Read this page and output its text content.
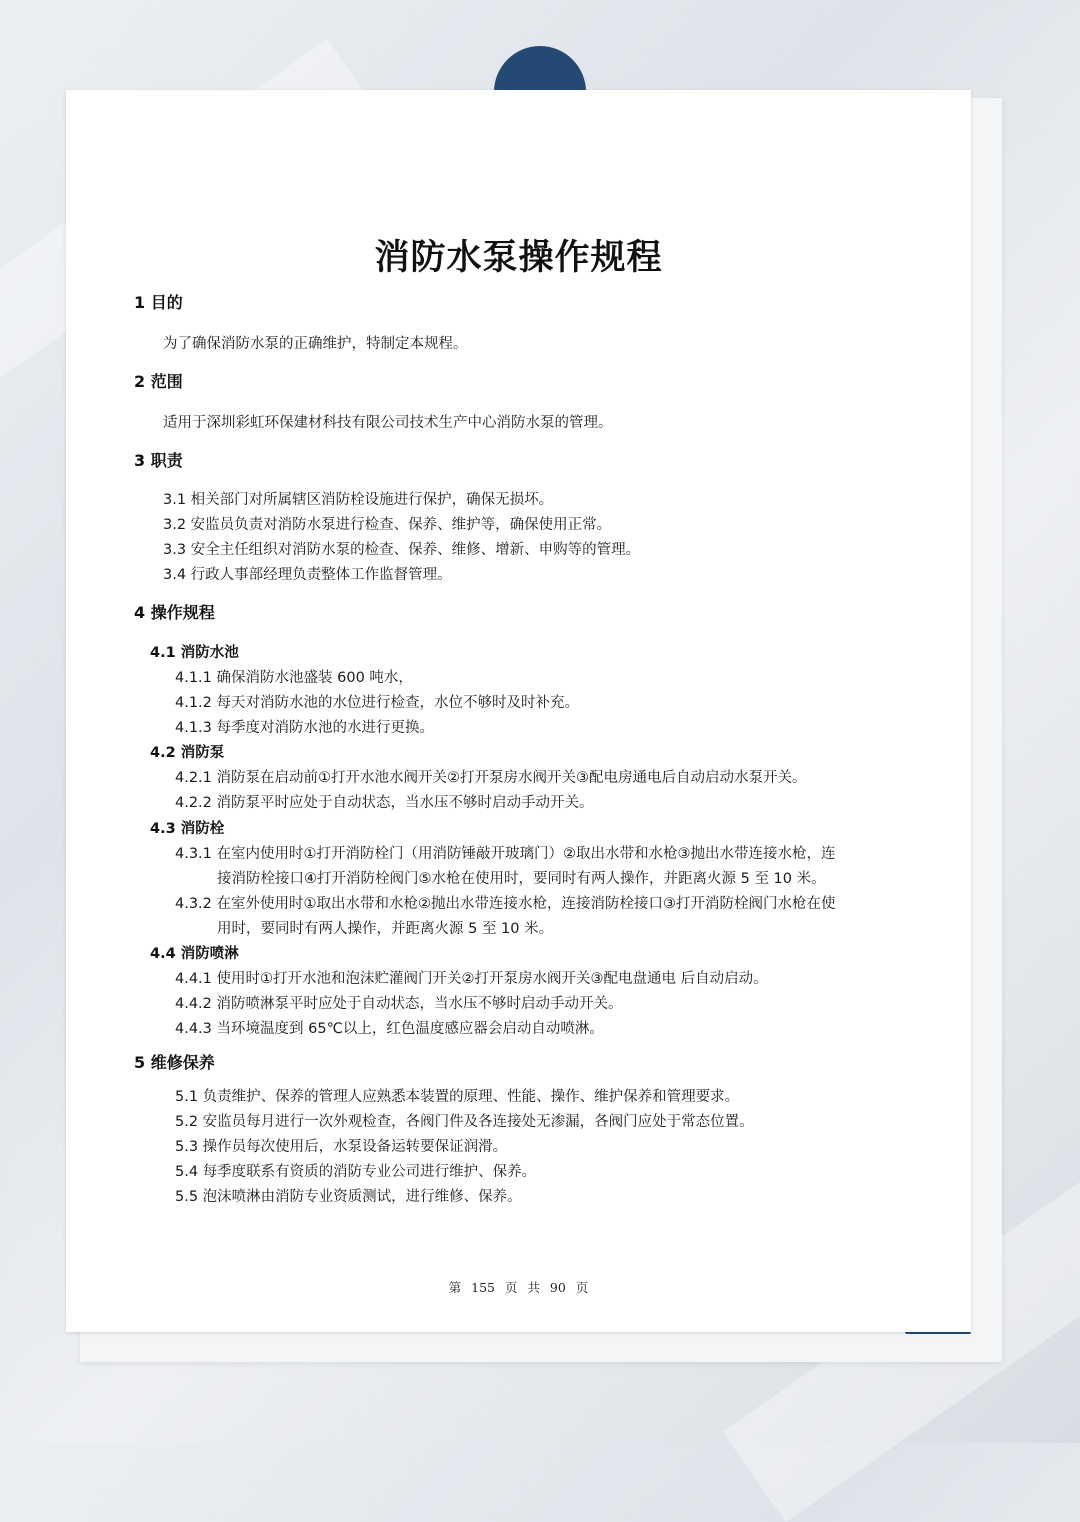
消防水泵操作规程
1 目的
为了确保消防水泵的正确维护，特制定本规程。
2 范围
适用于深圳彩虹环保建材科技有限公司技术生产中心消防水泵的管理。
3 职责
3.1 相关部门对所属辖区消防栓设施进行保护，确保无损坏。
3.2 安监员负责对消防水泵进行检查、保养、维护等，确保使用正常。
3.3 安全主任组织对消防水泵的检查、保养、维修、增新、申购等的管理。
3.4 行政人事部经理负责整体工作监督管理。
4 操作规程
4.1 消防水池
4.1.1 确保消防水池盛装 600 吨水，
4.1.2 每天对消防水池的水位进行检查，水位不够时及时补充。
4.1.3 每季度对消防水池的水进行更换。
4.2 消防泵
4.2.1 消防泵在启动前①打开水池水阀开关②打开泵房水阀开关③配电房通电后自动启动水泵开关。
4.2.2 消防泵平时应处于自动状态，当水压不够时启动手动开关。
4.3 消防栓
4.3.1 在室内使用时①打开消防栓门（用消防锤敲开玻璃门）②取出水带和水枪③抛出水带连接水枪，连
接消防栓接口④打开消防栓阀门⑤水枪在使用时，要同时有两人操作，并距离火源 5 至 10 米。
4.3.2 在室外使用时①取出水带和水枪②抛出水带连接水枪，连接消防栓接口③打开消防栓阀门水枪在使
用时，要同时有两人操作，并距离火源 5 至 10 米。
4.4 消防喷淋
4.4.1 使用时①打开水池和泡沫贮灌阀门开关②打开泵房水阀开关③配电盘通电 后自动启动。
4.4.2 消防喷淋泵平时应处于自动状态，当水压不够时启动手动开关。
4.4.3 当环境温度到 65℃以上，红色温度感应器会启动自动喷淋。
5 维修保养
5.1 负责维护、保养的管理人应熟悉本装置的原理、性能、操作、维护保养和管理要求。
5.2 安监员每月进行一次外观检查，各阀门件及各连接处无渗漏，各阀门应处于常态位置。
5.3 操作员每次使用后，水泵设备运转要保证润滑。
5.4 每季度联系有资质的消防专业公司进行维护、保养。
5.5 泡沫喷淋由消防专业资质测试，进行维修、保养。
第 155 页 共 90 页
